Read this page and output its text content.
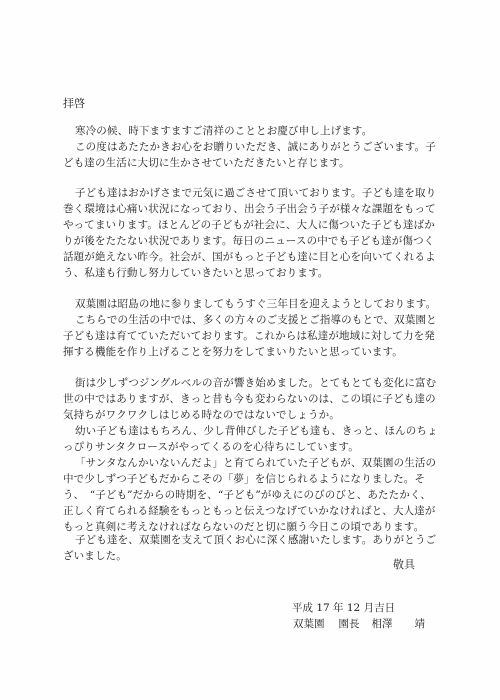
拝啓
寒冷の候、時下ますますご清祥のこととお慶び申し上げます。
この度はあたたかきお心をお贈りいただき、誠にありがとうございます。子
ども達の生活に大切に生かさせていただきたいと存じます。
子ども達はおかげさまで元気に過ごさせて頂いております。子ども達を取り
巻く環境は心痛い状況になっており、出会う子出会う子が様々な課題をもって
やってまいります。ほとんどの子どもが社会に、大人に傷ついた子ども達ばか
りが後をたたない状況であります。毎日のニュースの中でも子ども達が傷つく
話題が絶えない昨今。社会が、国がもっと子ども達に目と心を向いてくれるよ
う、私達も行動し努力していきたいと思っております。
双葉園は昭島の地に参りましてもうすぐ三年目を迎えようとしております。
こちらでの生活の中では、多くの方々のご支援とご指導のもとで、双葉園と
子ども達は育てていただいております。これからは私達が地域に対して力を発
揮する機能を作り上げることを努力をしてまいりたいと思っています。
街は少しずつジングルベルの音が響き始めました。とてもとても変化に富む
世の中ではありますが、きっと昔も今も変わらないのは、この頃に子ども達の
気持ちがワクワクしはじめる時なのではないでしょうか。
幼い子ども達はもちろん、少し背伸びした子ども達も、きっと、ほんのちょ
っぴりサンタクロースがやってくるのを心待ちにしています。
「サンタなんかいないんだよ」と育てられていた子どもが、双葉園の生活の
中で少しずつ子どもだからこその「夢」を信じられるようになりました。そ
う、　“子ども”だからの時期を、“子ども”がゆえにのびのびと、あたたかく、
正しく育てられる経験をもっともっと伝えつなげていかなければと、大人達が
もっと真剣に考えなければならないのだと切に願う今日この頃であります。
子ども達を、双葉園を支えて頂くお心に深く感謝いたします。ありがとうご
ざいました。
敬具
平成 17 年 12 月吉日
双葉園 園長 相澤 靖
